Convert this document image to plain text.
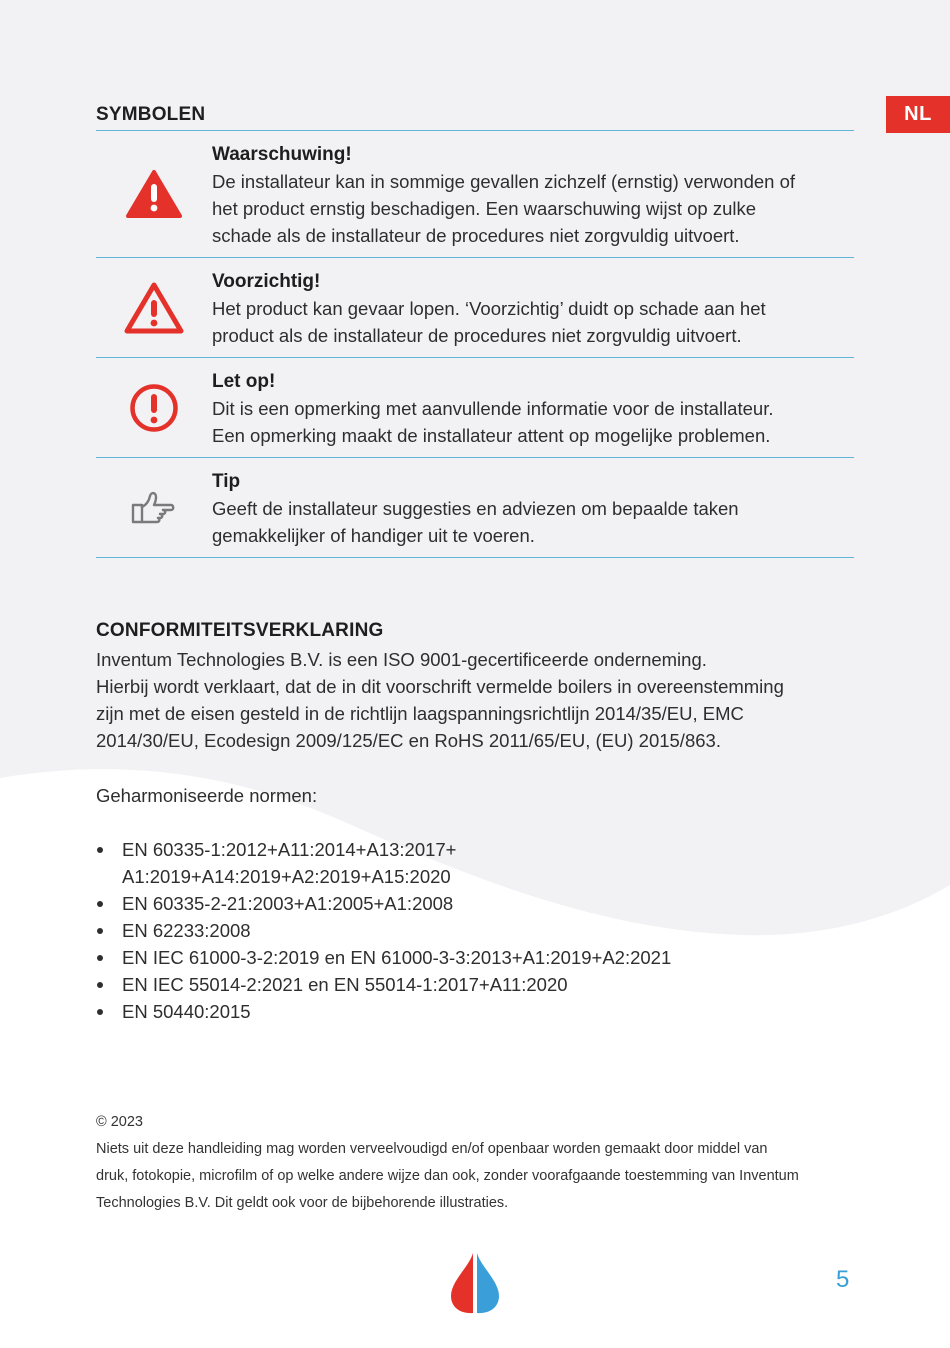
NL
SYMBOLEN
Waarschuwing!
De installateur kan in sommige gevallen zichzelf (ernstig) verwonden of
het product ernstig beschadigen. Een waarschuwing wijst op zulke
schade als de installateur de procedures niet zorgvuldig uitvoert.
Voorzichtig!
Het product kan gevaar lopen. ‘Voorzichtig’ duidt op schade aan het
product als de installateur de procedures niet zorgvuldig uitvoert.
Let op!
Dit is een opmerking met aanvullende informatie voor de installateur.
Een opmerking maakt de installateur attent op mogelijke problemen.
Tip
Geeft de installateur suggesties en adviezen om bepaalde taken
gemakkelijker of handiger uit te voeren.
CONFORMITEITSVERKLARING

Inventum Technologies B.V. is een ISO 9001-gecertificeerde onderneming.

Hierbij wordt verklaart, dat de in dit voorschrift vermelde boilers in overeenstemming

zijn met de eisen gesteld in de richtlijn laagspanningsrichtlijn 2014/35/EU, EMC

2014/30/EU, Ecodesign 2009/125/EC en RoHS 2011/65/EU, (EU) 2015/863.

Geharmoniseerde normen:
EN 60335-1:2012+A11:2014+A13:2017+
A1:2019+A14:2019+A2:2019+A15:2020
EN 60335-2-21:2003+A1:2005+A1:2008
EN 62233:2008
EN IEC 61000-3-2:2019 en EN 61000-3-3:2013+A1:2019+A2:2021
EN IEC 55014-2:2021 en EN 55014-1:2017+A11:2020
EN 50440:2015
© 2023
Niets uit deze handleiding mag worden verveelvoudigd en/of openbaar worden gemaakt door middel van
druk, fotokopie, microfilm of op welke andere wijze dan ook, zonder voorafgaande toestemming van Inventum
Technologies B.V. Dit geldt ook voor de bijbehorende illustraties.
5
